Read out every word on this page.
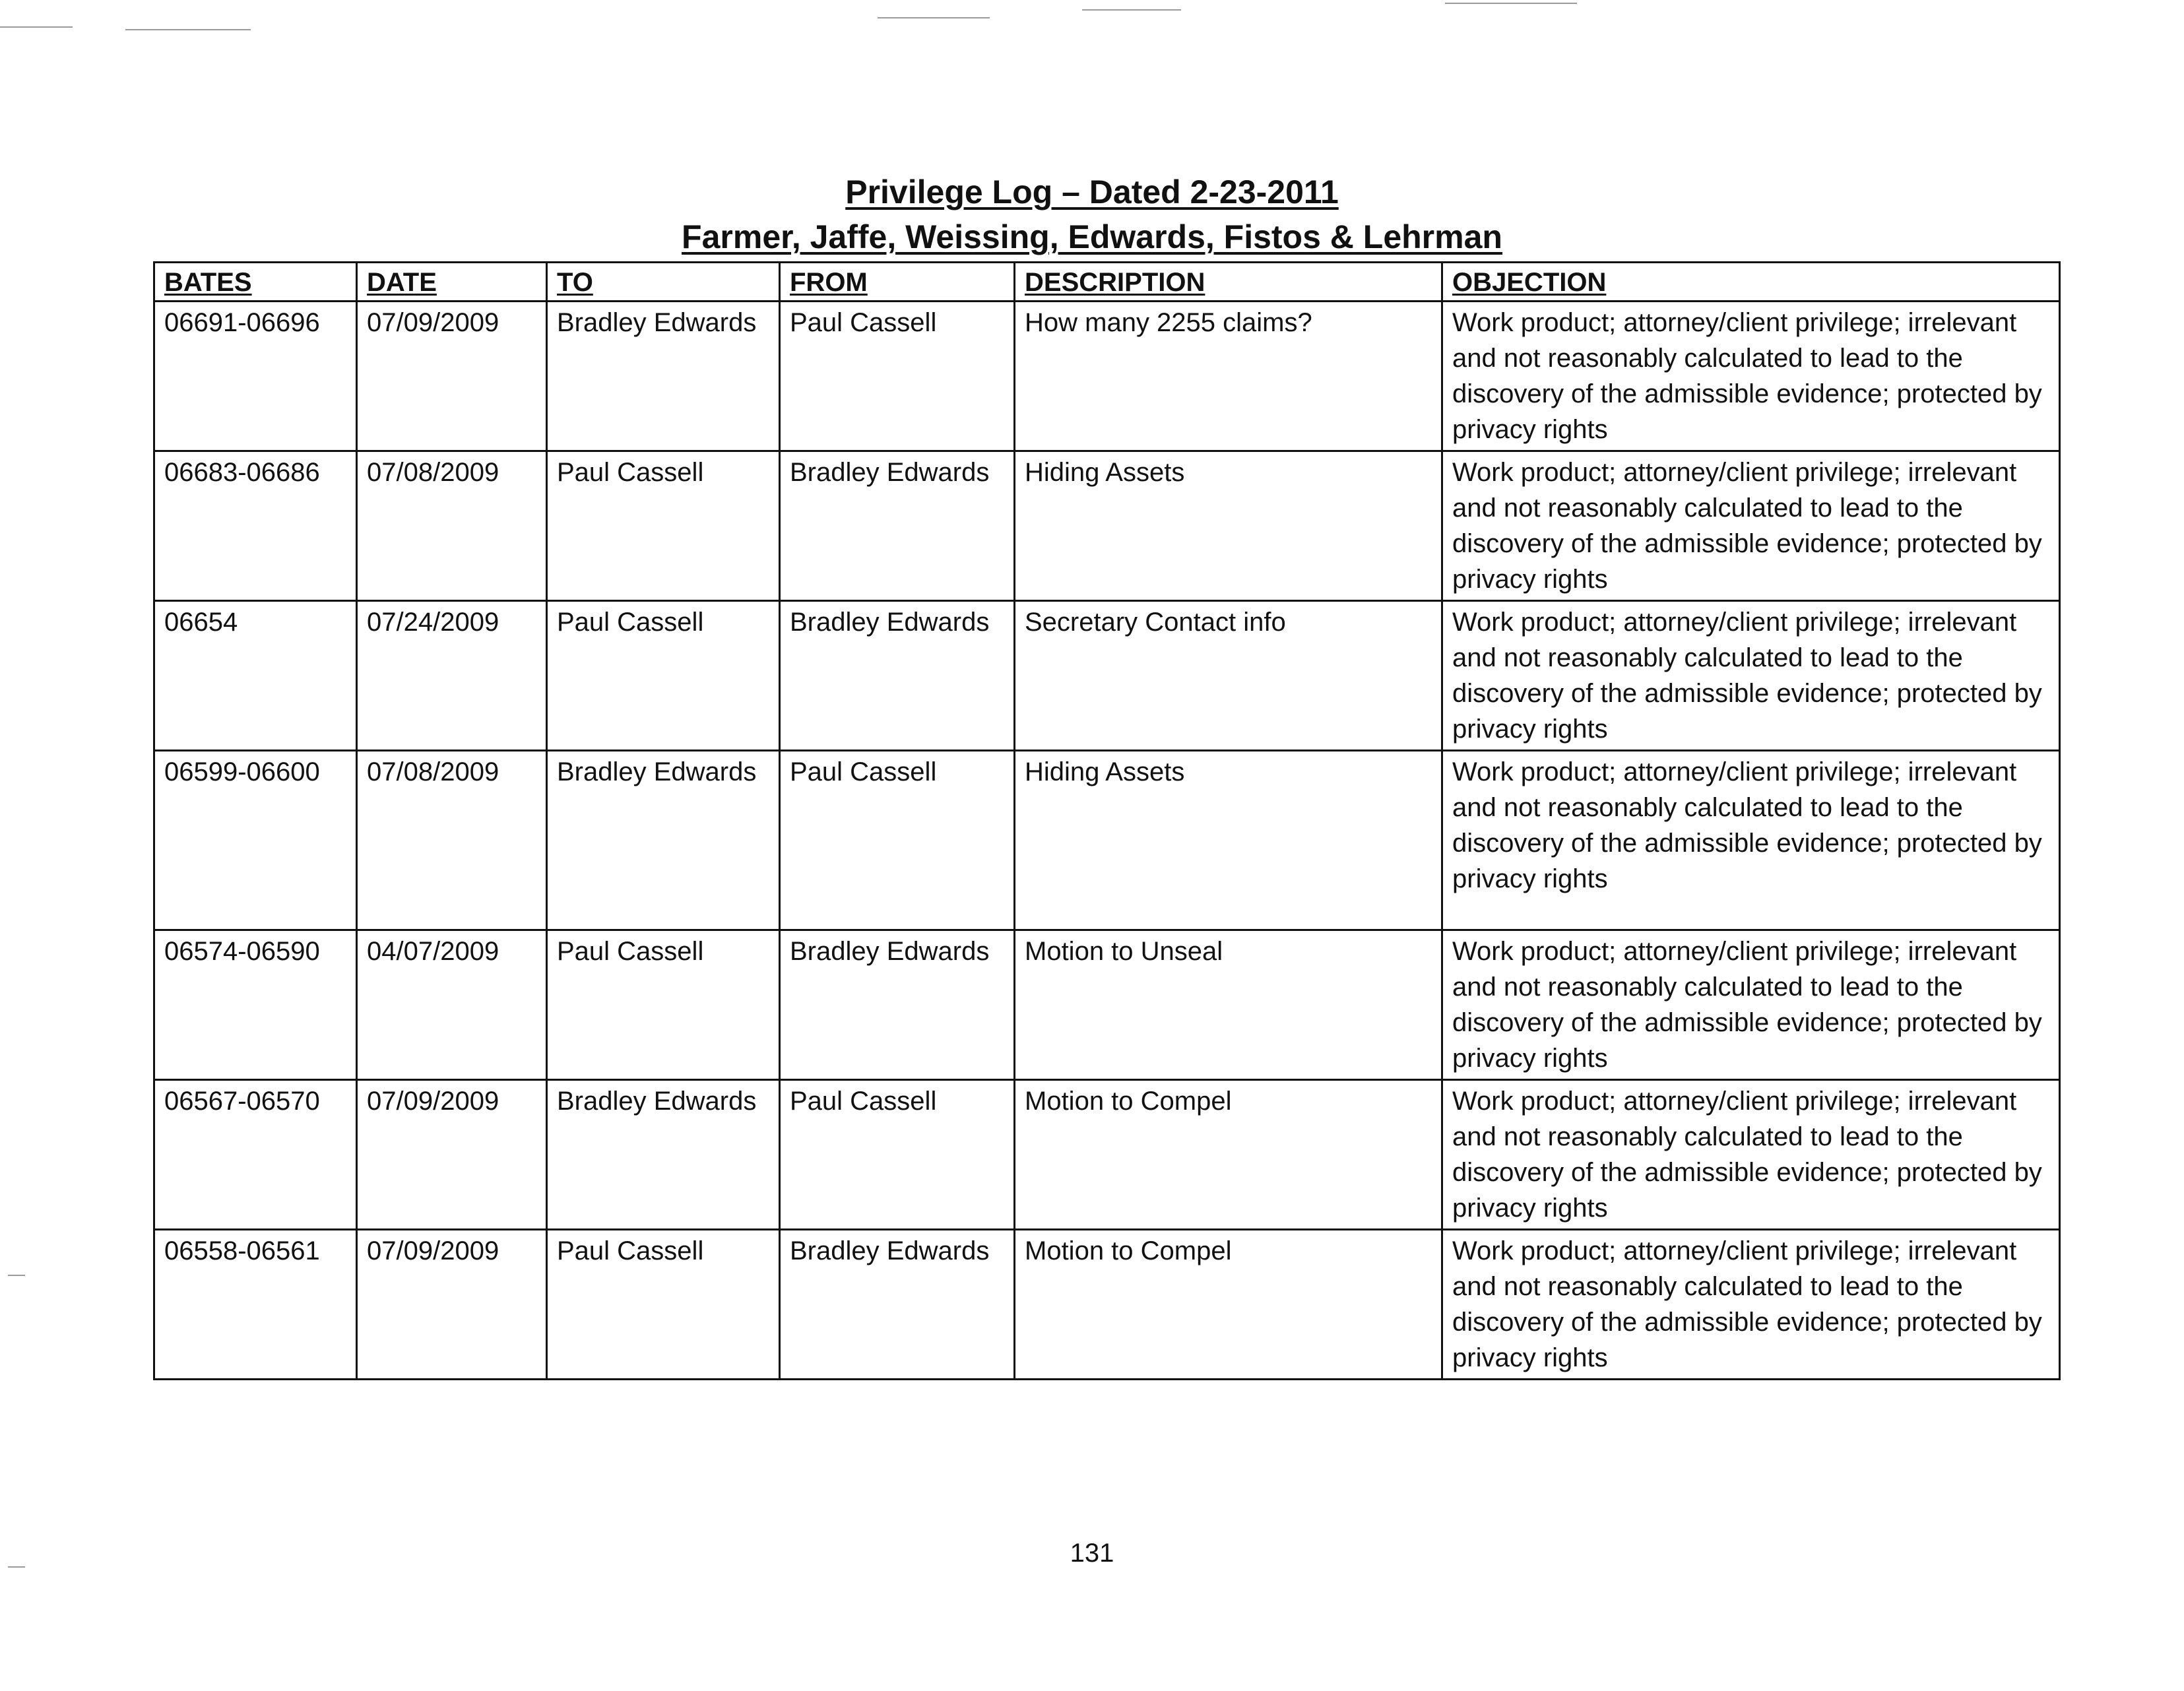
Privilege Log – Dated 2-23-2011
Farmer, Jaffe, Weissing, Edwards, Fistos & Lehrman
BATES	DATE	TO	FROM	DESCRIPTION	OBJECTION
06691-06696	07/09/2009	Bradley Edwards	Paul Cassell	How many 2255 claims?	Work product; attorney/client privilege; irrelevant and not reasonably calculated to lead to the discovery of the admissible evidence; protected by privacy rights
06683-06686	07/08/2009	Paul Cassell	Bradley Edwards	Hiding Assets	Work product; attorney/client privilege; irrelevant and not reasonably calculated to lead to the discovery of the admissible evidence; protected by privacy rights
06654	07/24/2009	Paul Cassell	Bradley Edwards	Secretary Contact info	Work product; attorney/client privilege; irrelevant and not reasonably calculated to lead to the discovery of the admissible evidence; protected by privacy rights
06599-06600	07/08/2009	Bradley Edwards	Paul Cassell	Hiding Assets	Work product; attorney/client privilege; irrelevant and not reasonably calculated to lead to the discovery of the admissible evidence; protected by privacy rights
06574-06590	04/07/2009	Paul Cassell	Bradley Edwards	Motion to Unseal	Work product; attorney/client privilege; irrelevant and not reasonably calculated to lead to the discovery of the admissible evidence; protected by privacy rights
06567-06570	07/09/2009	Bradley Edwards	Paul Cassell	Motion to Compel	Work product; attorney/client privilege; irrelevant and not reasonably calculated to lead to the discovery of the admissible evidence; protected by privacy rights
06558-06561	07/09/2009	Paul Cassell	Bradley Edwards	Motion to Compel	Work product; attorney/client privilege; irrelevant and not reasonably calculated to lead to the discovery of the admissible evidence; protected by privacy rights
131
